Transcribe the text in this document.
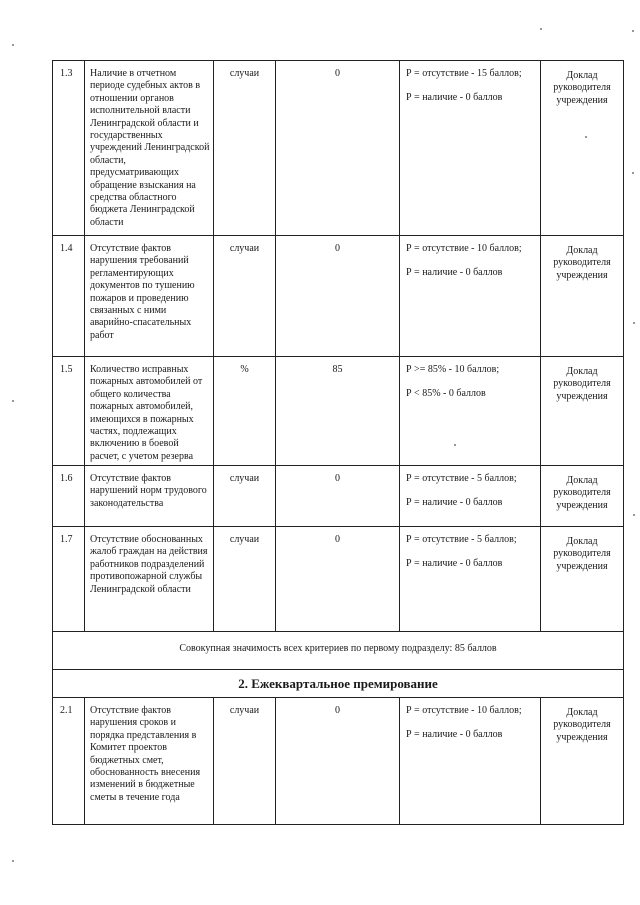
1.3	Наличие в отчетном периоде судебных актов в отношении органов исполнительной власти Ленинградской области и государственных учреждений Ленинградской области, предусматривающих обращение взыскания на средства областного бюджета Ленинградской области	случаи	0	Р = отсутствие - 15 баллов;
Р = наличие - 0 баллов	Доклад руководителя учреждения
1.4	Отсутствие фактов нарушения требований регламентирующих документов по тушению пожаров и проведению связанных с ними аварийно-спасательных работ	случаи	0	Р = отсутствие - 10 баллов;
Р = наличие - 0 баллов	Доклад руководителя учреждения
1.5	Количество исправных пожарных автомобилей от общего количества пожарных автомобилей, имеющихся в пожарных частях, подлежащих включению в боевой расчет, с учетом резерва	%	85	Р >= 85% - 10 баллов;
Р < 85% - 0 баллов	Доклад руководителя учреждения
1.6	Отсутствие фактов нарушений норм трудового законодательства	случаи	0	Р = отсутствие - 5 баллов;
Р = наличие - 0 баллов	Доклад руководителя учреждения
1.7	Отсутствие обоснованных жалоб граждан на действия работников подразделений противопожарной службы Ленинградской области	случаи	0	Р = отсутствие - 5 баллов;
Р = наличие - 0 баллов	Доклад руководителя учреждения
Совокупная значимость всех критериев по первому подразделу: 85 баллов					
2. Ежеквартальное премирование					
2.1	Отсутствие фактов нарушения сроков и порядка представления в Комитет проектов бюджетных смет, обоснованность внесения изменений в бюджетные сметы в течение года	случаи	0	Р = отсутствие - 10 баллов;
Р = наличие - 0 баллов	Доклад руководителя учреждения
